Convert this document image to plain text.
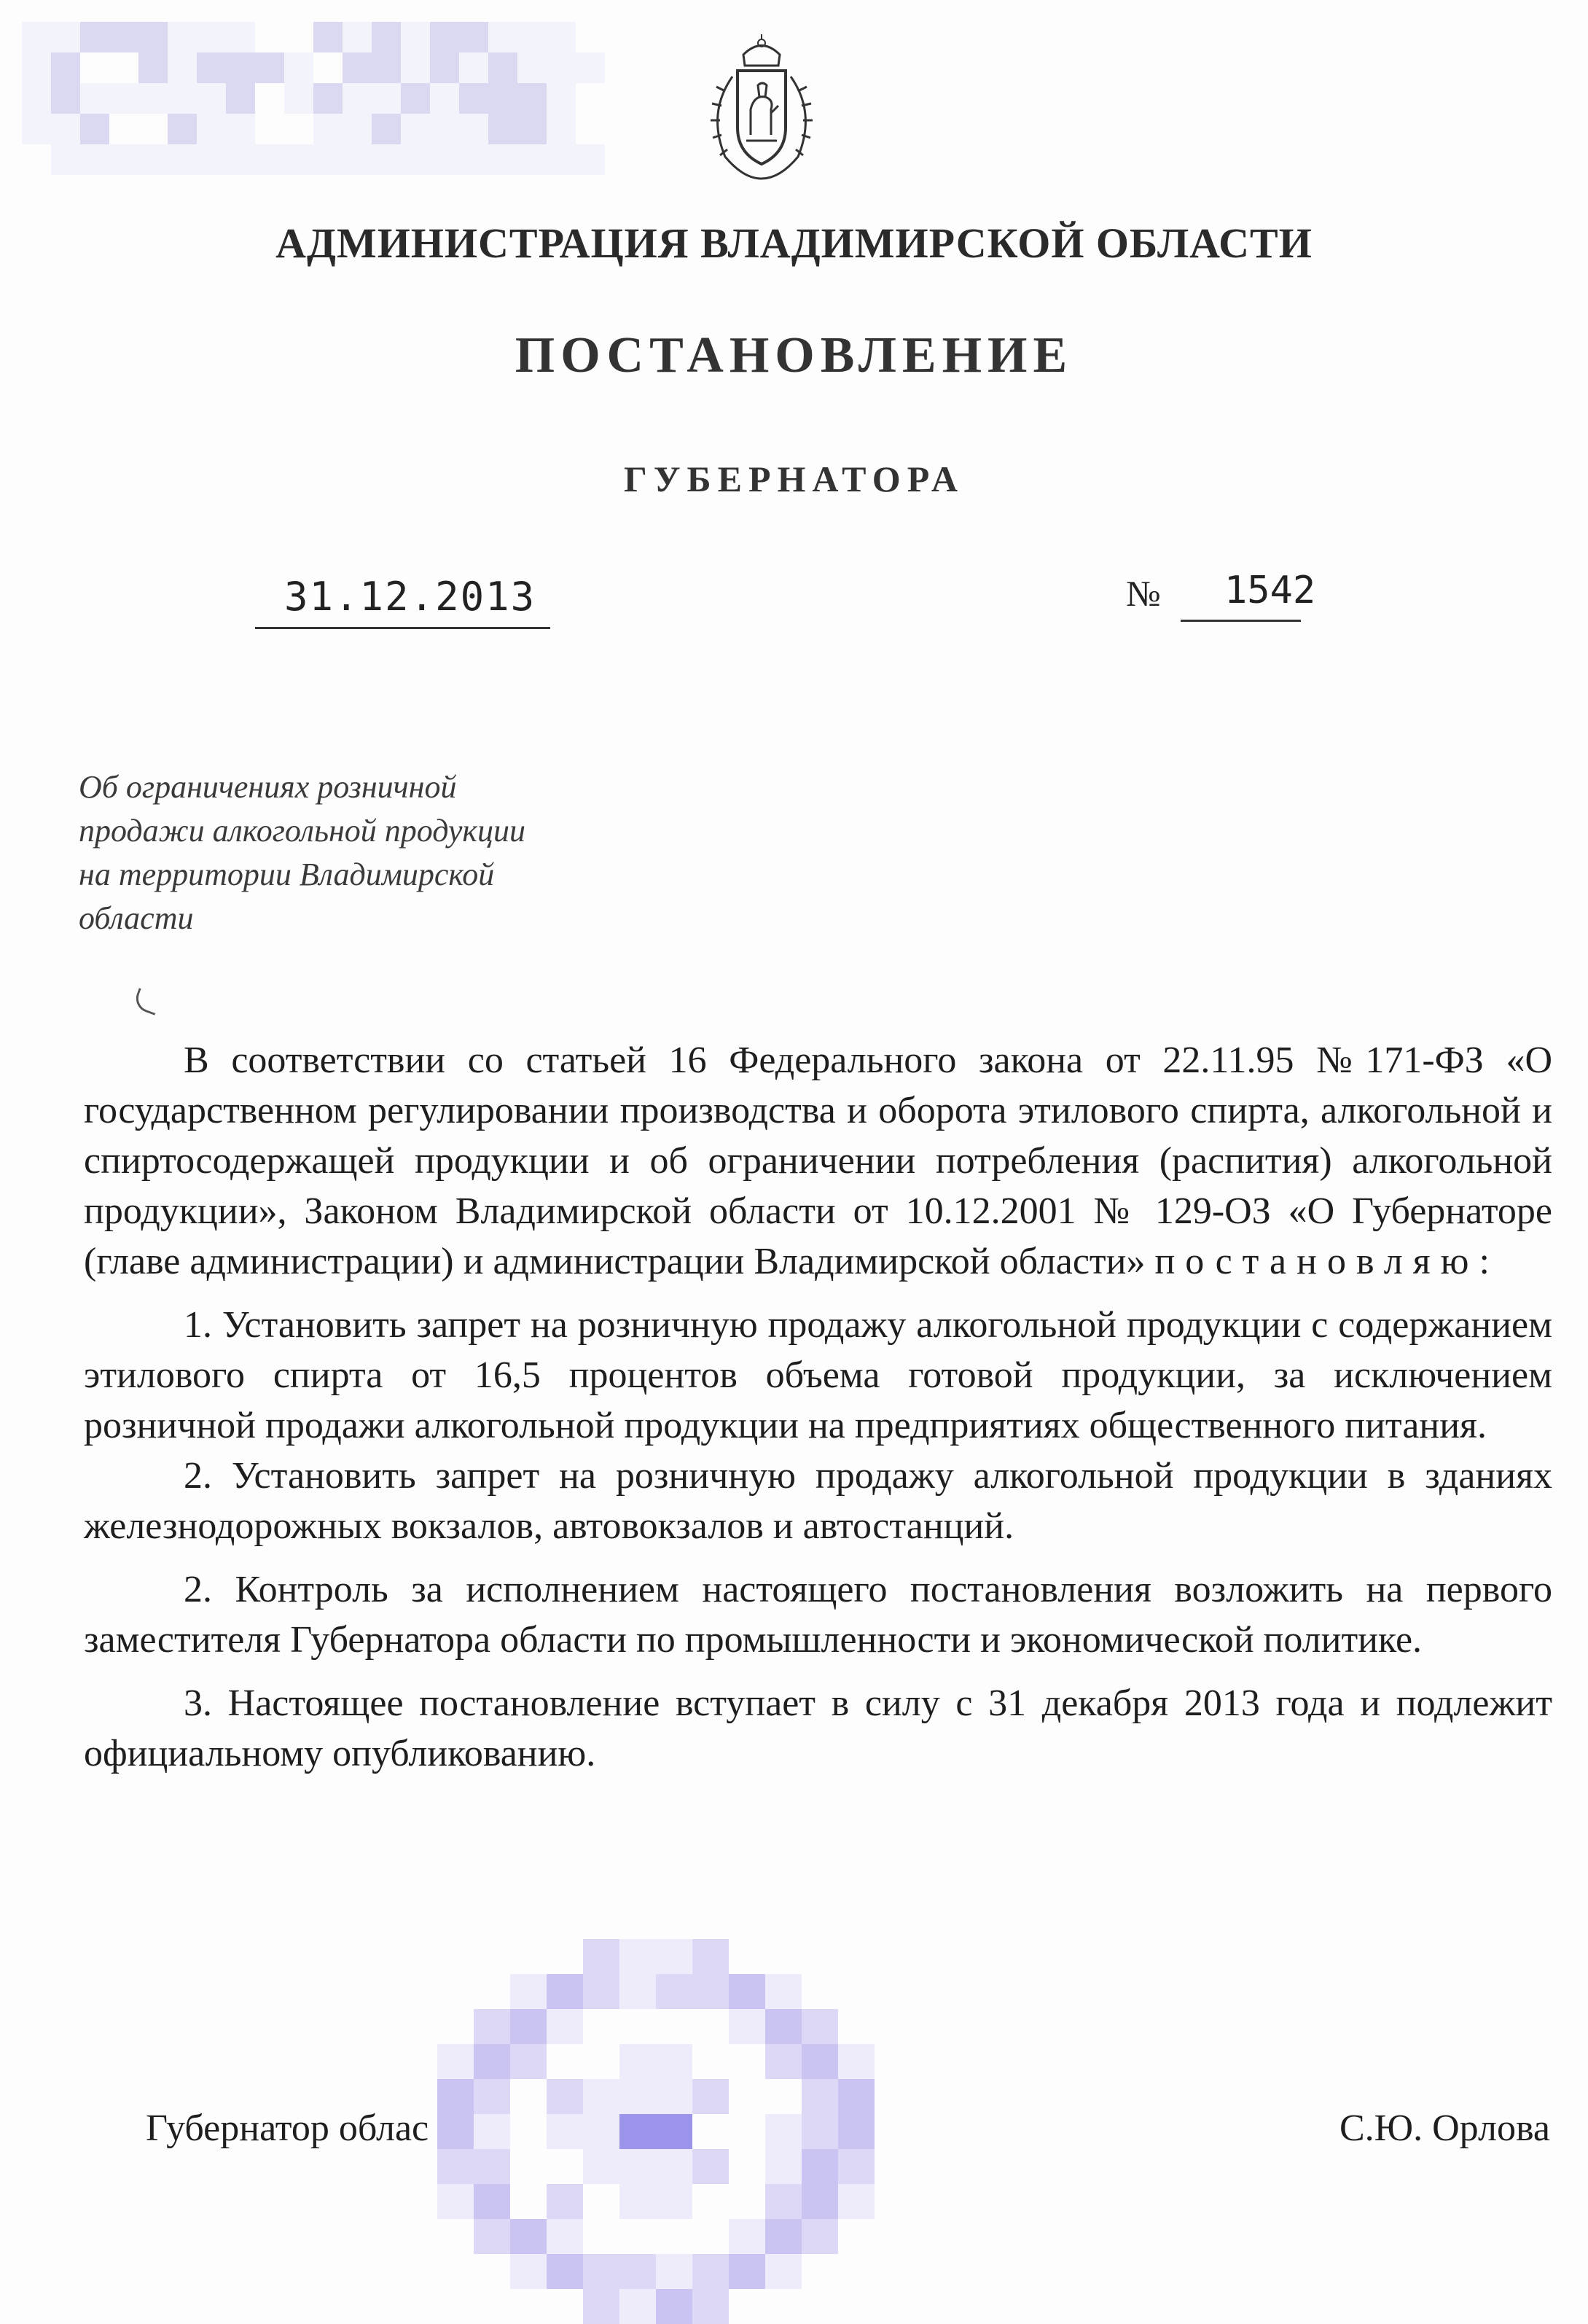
АДМИНИСТРАЦИЯ ВЛАДИМИРСКОЙ ОБЛАСТИ
ПОСТАНОВЛЕНИЕ
ГУБЕРНАТОРА
31.12.2013	№ 1542
Об ограничениях розничной
продажи алкогольной продукции
на территории Владимирской
области

В соответствии со статьей 16 Федерального закона от 22.11.95 №171-ФЗ «О государственном регулировании производства и оборота этилового спирта, алкогольной и спиртосодержащей продукции и об ограничении потребления (распития) алкогольной продукции», Законом Владимирской области от 10.12.2001 № 129-ОЗ «О Губернаторе (главе администрации) и администрации Владимирской области» постановляю:

1. Установить запрет на розничную продажу алкогольной продукции с содержанием этилового спирта от 16,5 процентов объема готовой продукции, за исключением розничной продажи алкогольной продукции на предприятиях общественного питания.

2. Установить запрет на розничную продажу алкогольной продукции в зданиях железнодорожных вокзалов, автовокзалов и автостанций.

2. Контроль за исполнением настоящего постановления возложить на первого заместителя Губернатора области по промышленности и экономической политике.

3. Настоящее постановление вступает в силу с 31 декабря 2013 года и подлежит официальному опубликованию.

Губернатор облас	С.Ю. Орлова
